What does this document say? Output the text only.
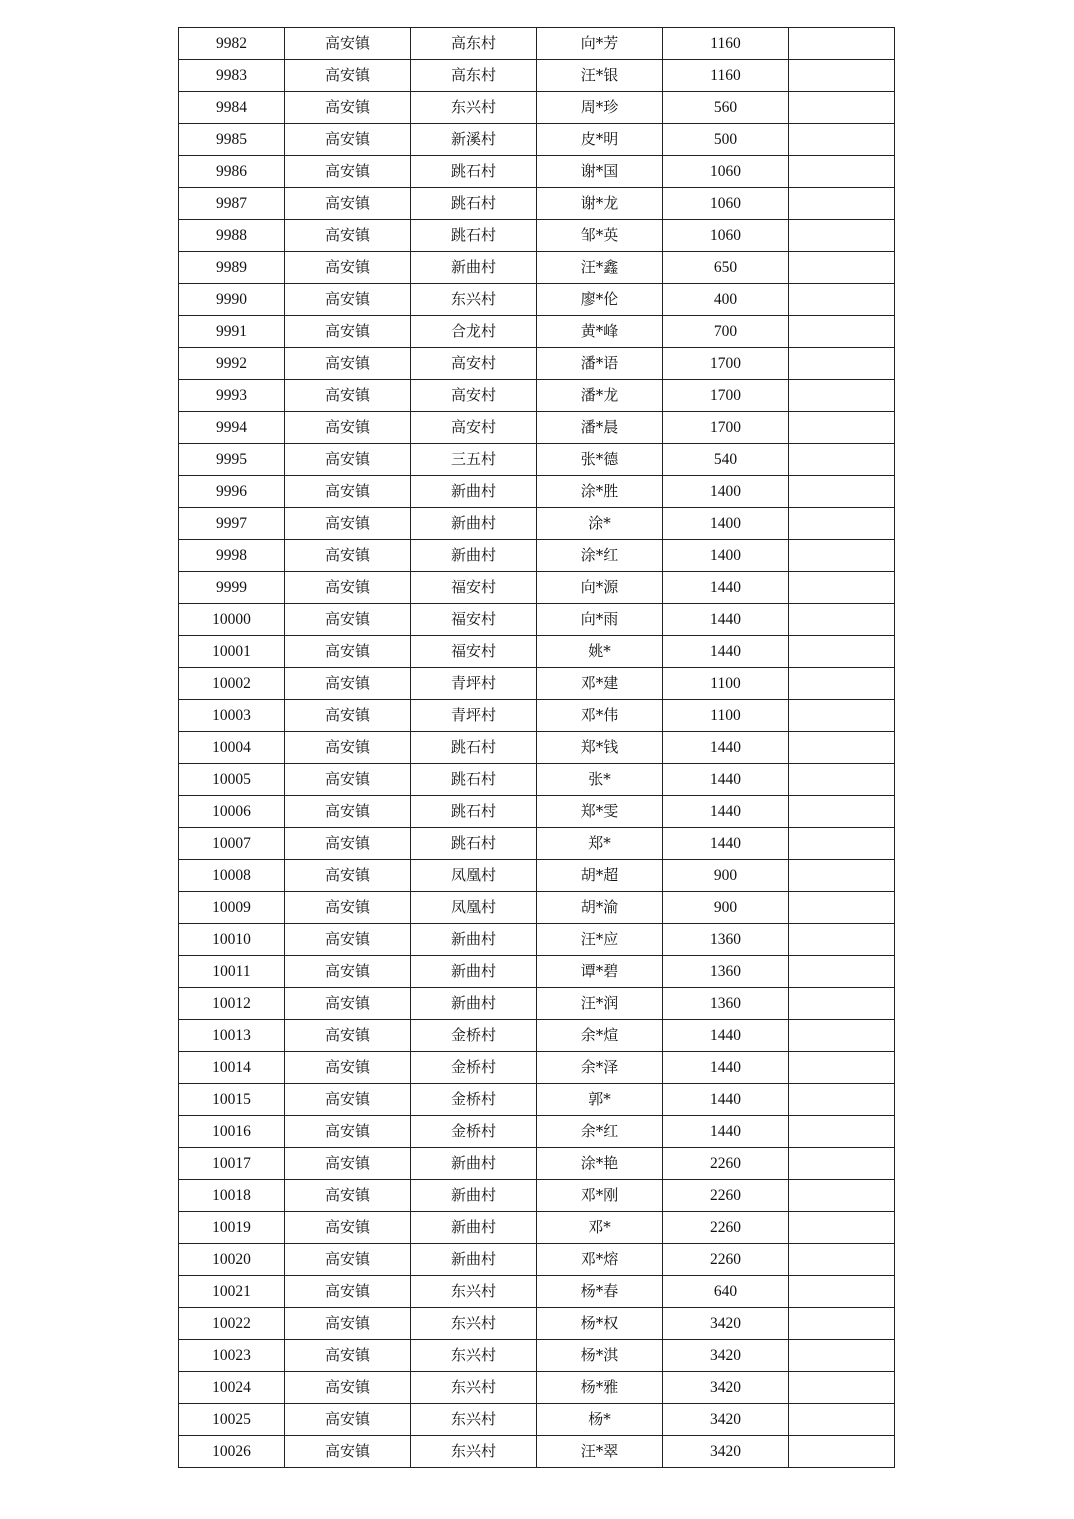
9982	高安镇	高东村	向*芳	1160	
9983	高安镇	高东村	汪*银	1160	
9984	高安镇	东兴村	周*珍	560	
9985	高安镇	新溪村	皮*明	500	
9986	高安镇	跳石村	谢*国	1060	
9987	高安镇	跳石村	谢*龙	1060	
9988	高安镇	跳石村	邹*英	1060	
9989	高安镇	新曲村	汪*鑫	650	
9990	高安镇	东兴村	廖*伦	400	
9991	高安镇	合龙村	黄*峰	700	
9992	高安镇	高安村	潘*语	1700	
9993	高安镇	高安村	潘*龙	1700	
9994	高安镇	高安村	潘*晨	1700	
9995	高安镇	三五村	张*德	540	
9996	高安镇	新曲村	涂*胜	1400	
9997	高安镇	新曲村	涂*	1400	
9998	高安镇	新曲村	涂*红	1400	
9999	高安镇	福安村	向*源	1440	
10000	高安镇	福安村	向*雨	1440	
10001	高安镇	福安村	姚*	1440	
10002	高安镇	青坪村	邓*建	1100	
10003	高安镇	青坪村	邓*伟	1100	
10004	高安镇	跳石村	郑*钱	1440	
10005	高安镇	跳石村	张*	1440	
10006	高安镇	跳石村	郑*雯	1440	
10007	高安镇	跳石村	郑*	1440	
10008	高安镇	凤凰村	胡*超	900	
10009	高安镇	凤凰村	胡*渝	900	
10010	高安镇	新曲村	汪*应	1360	
10011	高安镇	新曲村	谭*碧	1360	
10012	高安镇	新曲村	汪*润	1360	
10013	高安镇	金桥村	余*煊	1440	
10014	高安镇	金桥村	余*泽	1440	
10015	高安镇	金桥村	郭*	1440	
10016	高安镇	金桥村	余*红	1440	
10017	高安镇	新曲村	涂*艳	2260	
10018	高安镇	新曲村	邓*刚	2260	
10019	高安镇	新曲村	邓*	2260	
10020	高安镇	新曲村	邓*熔	2260	
10021	高安镇	东兴村	杨*春	640	
10022	高安镇	东兴村	杨*权	3420	
10023	高安镇	东兴村	杨*淇	3420	
10024	高安镇	东兴村	杨*雅	3420	
10025	高安镇	东兴村	杨*	3420	
10026	高安镇	东兴村	汪*翠	3420	
